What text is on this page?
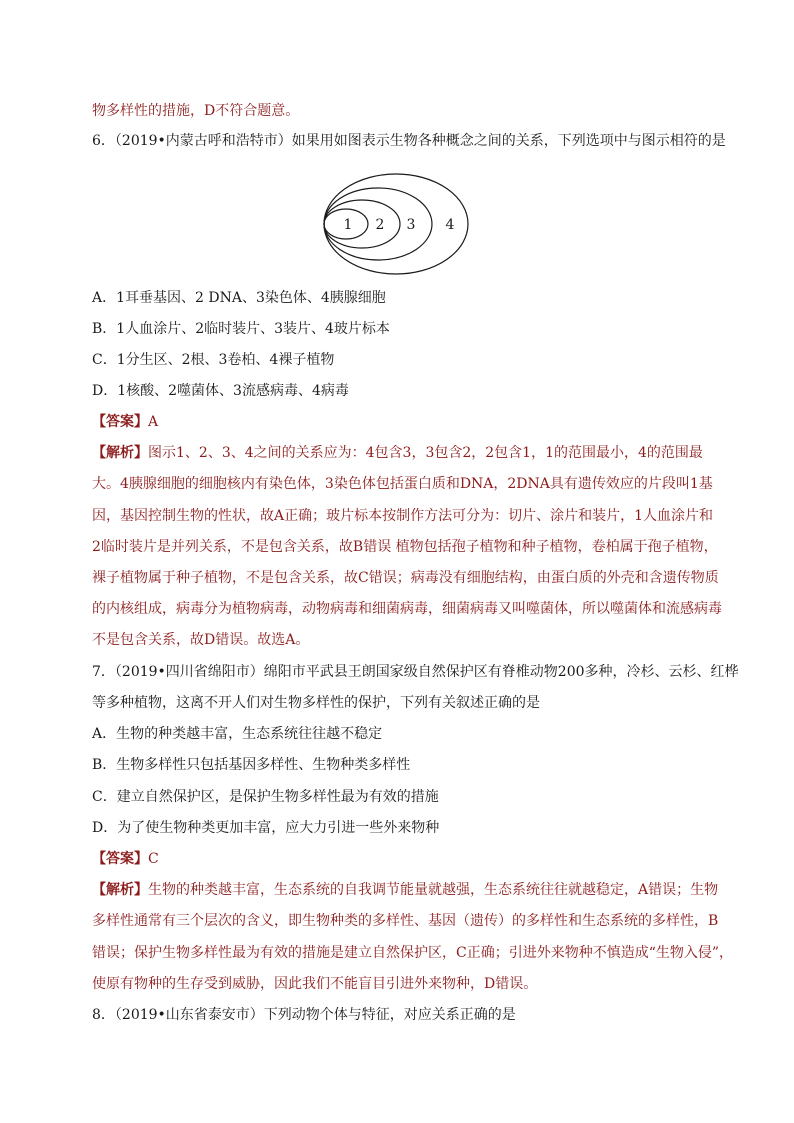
物多样性的措施，D不符合题意。
6．（2019•内蒙古呼和浩特市）如果用如图表示生物各种概念之间的关系，下列选项中与图示相符的是
1 2 3 4
A．1耳垂基因、2 DNA、3染色体、4胰腺细胞
B．1人血涂片、2临时装片、3装片、4玻片标本
C．1分生区、2根、3卷柏、4裸子植物
D．1核酸、2噬菌体、3流感病毒、4病毒
【答案】A
【解析】图示1、2、3、4之间的关系应为：4包含3，3包含2，2包含1，1的范围最小，4的范围最
大。4胰腺细胞的细胞核内有染色体，3染色体包括蛋白质和DNA，2DNA具有遗传效应的片段叫1基
因，基因控制生物的性状，故A正确；玻片标本按制作方法可分为：切片、涂片和装片，1人血涂片和
2临时装片是并列关系，不是包含关系，故B错误 植物包括孢子植物和种子植物，卷柏属于孢子植物，
裸子植物属于种子植物，不是包含关系，故C错误；病毒没有细胞结构，由蛋白质的外壳和含遗传物质
的内核组成，病毒分为植物病毒，动物病毒和细菌病毒，细菌病毒又叫噬菌体，所以噬菌体和流感病毒
不是包含关系，故D错误。故选A。
7．（2019•四川省绵阳市）绵阳市平武县王朗国家级自然保护区有脊椎动物200多种，冷杉、云杉、红桦
等多种植物，这离不开人们对生物多样性的保护，下列有关叙述正确的是
A．生物的种类越丰富，生态系统往往越不稳定
B．生物多样性只包括基因多样性、生物种类多样性
C．建立自然保护区，是保护生物多样性最为有效的措施
D．为了使生物种类更加丰富，应大力引进一些外来物种
【答案】C
【解析】生物的种类越丰富，生态系统的自我调节能量就越强，生态系统往往就越稳定，A错误；生物
多样性通常有三个层次的含义，即生物种类的多样性、基因（遗传）的多样性和生态系统的多样性，B
错误；保护生物多样性最为有效的措施是建立自然保护区，C正确；引进外来物种不慎造成“生物入侵”，
使原有物种的生存受到威胁，因此我们不能盲目引进外来物种，D错误。
8．（2019•山东省泰安市）下列动物个体与特征，对应关系正确的是
